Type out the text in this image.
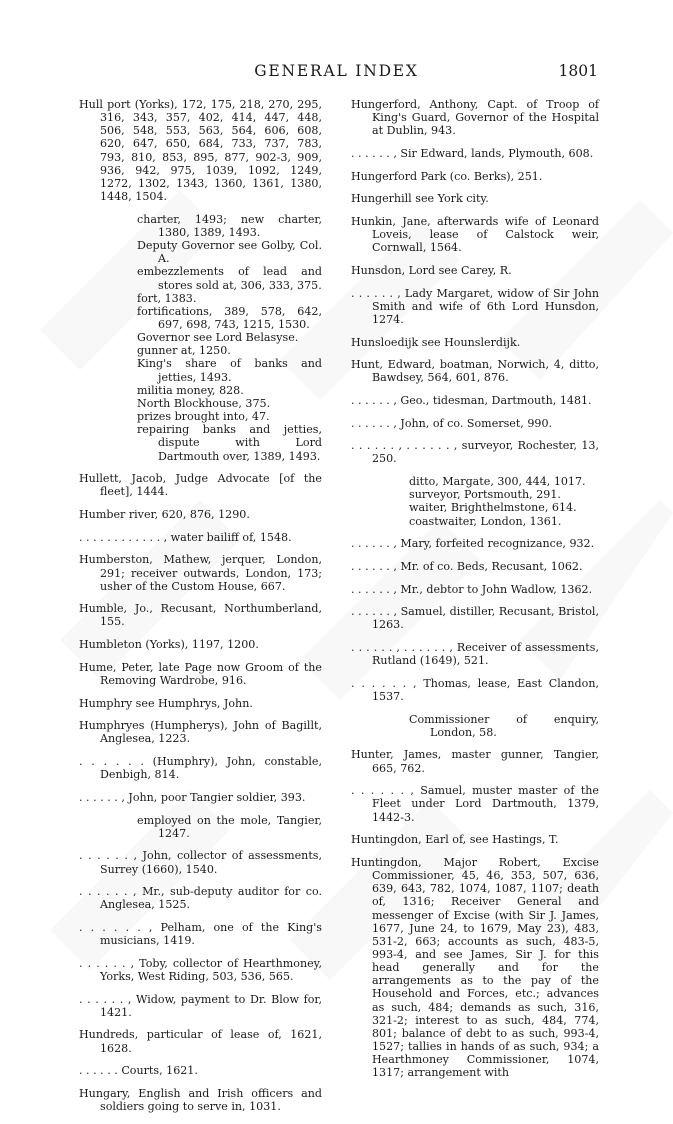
GENERAL INDEX	1801

Hull port (Yorks), 172, 175, 218, 270, 295, 316, 343, 357, 402, 414, 447, 448, 506, 548, 553, 563, 564, 606, 608, 620, 647, 650, 684, 733, 737, 783, 793, 810, 853, 895, 877, 902-3, 909, 936, 942, 975, 1039, 1092, 1249, 1272, 1302, 1343, 1360, 1361, 1380, 1448, 1504.

charter, 1493; new charter, 1380, 1389, 1493.

Deputy Governor see Golby, Col. A.

embezzlements of lead and stores sold at, 306, 333, 375.

fort, 1383.

fortifications, 389, 578, 642, 697, 698, 743, 1215, 1530.

Governor see Lord Belasyse.

gunner at, 1250.

King's share of banks and jetties, 1493.

militia money, 828.

North Blockhouse, 375.

prizes brought into, 47.

repairing banks and jetties, dispute with Lord Dartmouth over, 1389, 1493.

Hullett, Jacob, Judge Advocate [of the fleet], 1444.

Humber river, 620, 876, 1290.

. . . . . . . . . . . . , water bailiff of, 1548.

Humberston, Mathew, jerquer, London, 291; receiver outwards, London, 173; usher of the Custom House, 667.

Humble, Jo., Recusant, Northumberland, 155.

Humbleton (Yorks), 1197, 1200.

Hume, Peter, late Page now Groom of the Removing Wardrobe, 916.

Humphry see Humphrys, John.

Humphryes (Humpherys), John of Bagillt, Anglesea, 1223.

. . . . . . (Humphry), John, constable, Denbigh, 814.

. . . . . . , John, poor Tangier soldier, 393.

employed on the mole, Tangier, 1247.

. . . . . . , John, collector of assessments, Surrey (1660), 1540.

. . . . . . , Mr., sub-deputy auditor for co. Anglesea, 1525.

. . . . . . , Pelham, one of the King's musicians, 1419.

. . . . . . , Toby, collector of Hearthmoney, Yorks, West Riding, 503, 536, 565.

. . . . . . , Widow, payment to Dr. Blow for, 1421.

Hundreds, particular of lease of, 1621, 1628.

. . . . . . Courts, 1621.

Hungary, English and Irish officers and soldiers going to serve in, 1031.

Hungerford, Anthony, Capt. of Troop of King's Guard, Governor of the Hospital at Dublin, 943.

. . . . . . , Sir Edward, lands, Plymouth, 608.

Hungerford Park (co. Berks), 251.

Hungerhill see York city.

Hunkin, Jane, afterwards wife of Leonard Loveis, lease of Calstock weir, Cornwall, 1564.

Hunsdon, Lord see Carey, R.

. . . . . . , Lady Margaret, widow of Sir John Smith and wife of 6th Lord Hunsdon, 1274.

Hunsloedijk see Hounslerdijk.

Hunt, Edward, boatman, Norwich, 4, ditto, Bawdsey, 564, 601, 876.

. . . . . . , Geo., tidesman, Dartmouth, 1481.

. . . . . . , John, of co. Somerset, 990.

. . . . . . , . . . . . . , surveyor, Rochester, 13, 250.

ditto, Margate, 300, 444, 1017.

surveyor, Portsmouth, 291.

waiter, Brighthelmstone, 614.

coastwaiter, London, 1361.

. . . . . . , Mary, forfeited recognizance, 932.

. . . . . . , Mr. of co. Beds, Recusant, 1062.

. . . . . . , Mr., debtor to John Wadlow, 1362.

. . . . . . , Samuel, distiller, Recusant, Bristol, 1263.

. . . . . . , . . . . . . , Receiver of assessments, Rutland (1649), 521.

. . . . . . , Thomas, lease, East Clandon, 1537.

Commissioner of enquiry, London, 58.

Hunter, James, master gunner, Tangier, 665, 762.

. . . . . . , Samuel, muster master of the Fleet under Lord Dartmouth, 1379, 1442-3.

Huntingdon, Earl of, see Hastings, T.

Huntingdon, Major Robert, Excise Commissioner, 45, 46, 353, 507, 636, 639, 643, 782, 1074, 1087, 1107; death of, 1316; Receiver General and messenger of Excise (with Sir J. James, 1677, June 24, to 1679, May 23), 483, 531-2, 663; accounts as such, 483-5, 993-4, and see James, Sir J. for this head generally and for the arrangements as to the pay of the Household and Forces, etc.; advances as such, 484; demands as such, 316, 321-2; interest to as such, 484, 774, 801; balance of debt to as such, 993-4, 1527; tallies in hands of as such, 934; a Hearthmoney Commissioner, 1074, 1317; arrangement with
